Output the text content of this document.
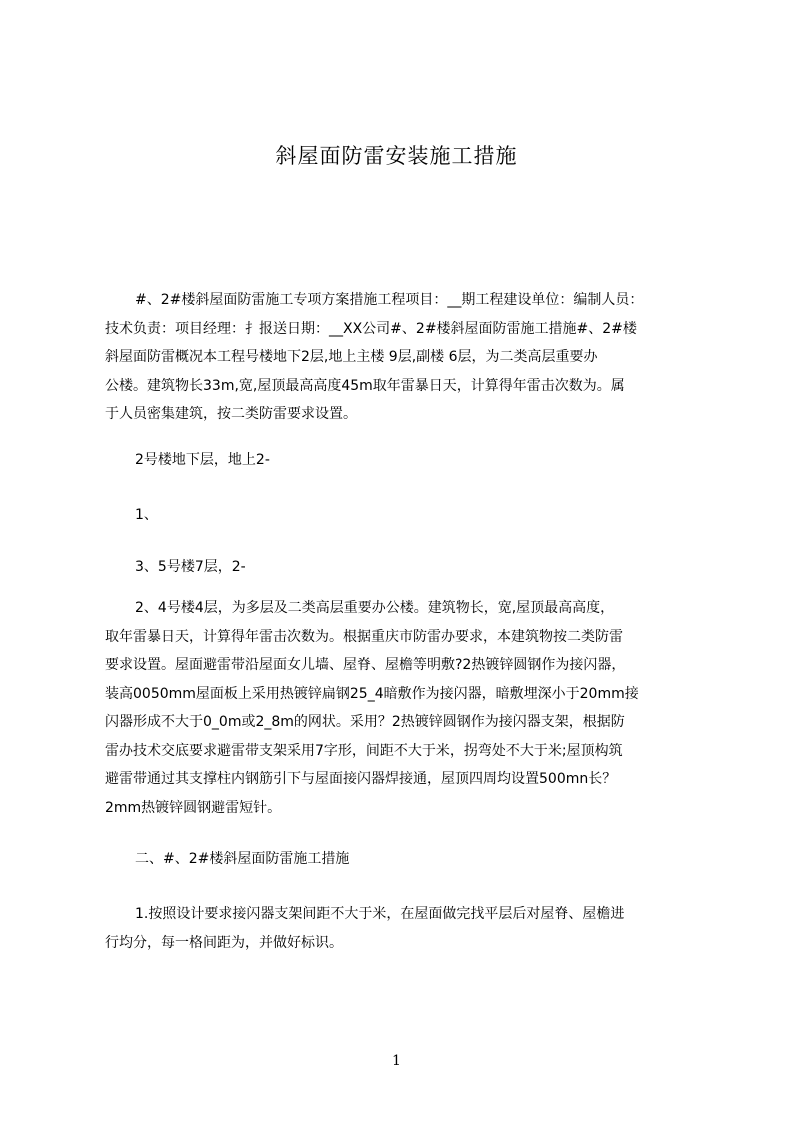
斜屋面防雷安装施工措施
#、2#楼斜屋面防雷施工专项方案措施工程项目：__期工程建设单位：编制人员：
技术负责：项目经理：扌报送日期：__XX公司#、2#楼斜屋面防雷施工措施#、2#楼
斜屋面防雷概况本工程号楼地下2层,地上主楼 9层,副楼 6层，为二类高层重要办
公楼。建筑物长33m,宽,屋顶最高高度45m取年雷暴日天，计算得年雷击次数为。属
于人员密集建筑，按二类防雷要求设置。
2号楼地下层，地上2-
1、
3、5号楼7层，2-
2、4号楼4层，为多层及二类高层重要办公楼。建筑物长，宽,屋顶最高高度，
取年雷暴日天，计算得年雷击次数为。根据重庆市防雷办要求，本建筑物按二类防雷
要求设置。屋面避雷带沿屋面女儿墙、屋脊、屋檐等明敷?2热镀锌圆钢作为接闪器，
装高0050mm屋面板上采用热镀锌扁钢25_4暗敷作为接闪器，暗敷埋深小于20mm接
闪器形成不大于0_0m或2_8m的网状。采用？2热镀锌圆钢作为接闪器支架，根据防
雷办技术交底要求避雷带支架采用7字形，间距不大于米，拐弯处不大于米;屋顶构筑
避雷带通过其支撑柱内钢筋引下与屋面接闪器焊接通，屋顶四周均设置500mn长？
2mm热镀锌圆钢避雷短针。
二、#、2#楼斜屋面防雷施工措施
1.按照设计要求接闪器支架间距不大于米，在屋面做完找平层后对屋脊、屋檐进
行均分，每一格间距为，并做好标识。
1
